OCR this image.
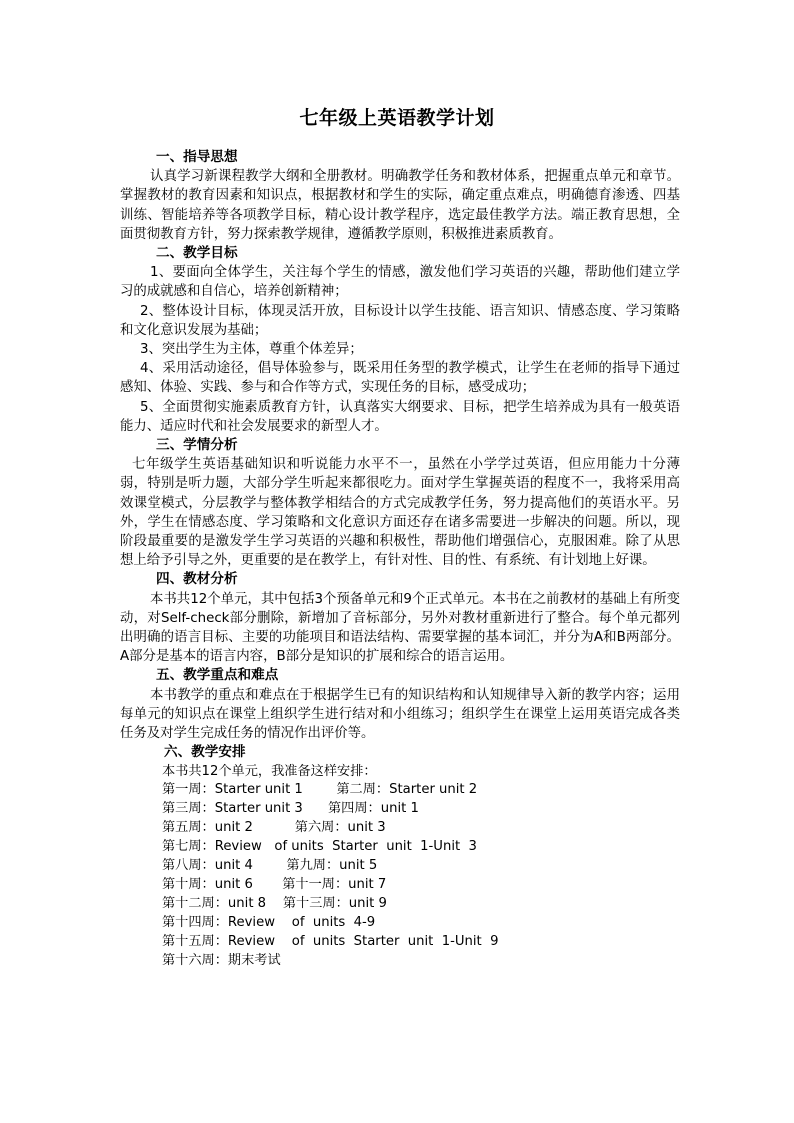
七年级上英语教学计划
一、指导思想

认真学习新课程教学大纲和全册教材。明确教学任务和教材体系，把握重点单元和章节。掌握教材的教育因素和知识点，根据教材和学生的实际，确定重点难点，明确德育渗透、四基训练、智能培养等各项教学目标，精心设计教学程序，选定最佳教学方法。端正教育思想，全面贯彻教育方针，努力探索教学规律，遵循教学原则，积极推进素质教育。

二、教学目标

1、要面向全体学生，关注每个学生的情感，激发他们学习英语的兴趣，帮助他们建立学习的成就感和自信心，培养创新精神；

2、整体设计目标，体现灵活开放，目标设计以学生技能、语言知识、情感态度、学习策略和文化意识发展为基础；

3、突出学生为主体，尊重个体差异；

4、采用活动途径，倡导体验参与，既采用任务型的教学模式，让学生在老师的指导下通过感知、体验、实践、参与和合作等方式，实现任务的目标，感受成功；

5、全面贯彻实施素质教育方针，认真落实大纲要求、目标，把学生培养成为具有一般英语能力、适应时代和社会发展要求的新型人才。

三、学情分析

七年级学生英语基础知识和听说能力水平不一，虽然在小学学过英语，但应用能力十分薄弱，特别是听力题，大部分学生听起来都很吃力。面对学生掌握英语的程度不一，我将采用高效课堂模式，分层教学与整体教学相结合的方式完成教学任务，努力提高他们的英语水平。另外，学生在情感态度、学习策略和文化意识方面还存在诸多需要进一步解决的问题。所以，现阶段最重要的是激发学生学习英语的兴趣和积极性，帮助他们增强信心，克服困难。除了从思想上给予引导之外，更重要的是在教学上，有针对性、目的性、有系统、有计划地上好课。

四、教材分析

本书共12个单元，其中包括3个预备单元和9个正式单元。本书在之前教材的基础上有所变动，对Self-check部分删除，新增加了音标部分，另外对教材重新进行了整合。每个单元都列出明确的语言目标、主要的功能项目和语法结构、需要掌握的基本词汇，并分为A和B两部分。A部分是基本的语言内容，B部分是知识的扩展和综合的语言运用。

五、教学重点和难点

本书教学的重点和难点在于根据学生已有的知识结构和认知规律导入新的教学内容；运用每单元的知识点在课堂上组织学生进行结对和小组练习；组织学生在课堂上运用英语完成各类任务及对学生完成任务的情况作出评价等。

六、教学安排
本书共12个单元，我准备这样安排：
第一周：Starter unit 1        第二周：Starter unit 2
第三周：Starter unit 3      第四周：unit 1
第五周：unit 2          第六周：unit 3
第七周：Review   of units  Starter  unit  1-Unit  3
第八周：unit 4        第九周：unit 5
第十周：unit 6       第十一周：unit 7
第十二周：unit 8    第十三周：unit 9
第十四周：Review    of  units  4-9
第十五周：Review    of  units  Starter  unit  1-Unit  9
第十六周：期末考试
